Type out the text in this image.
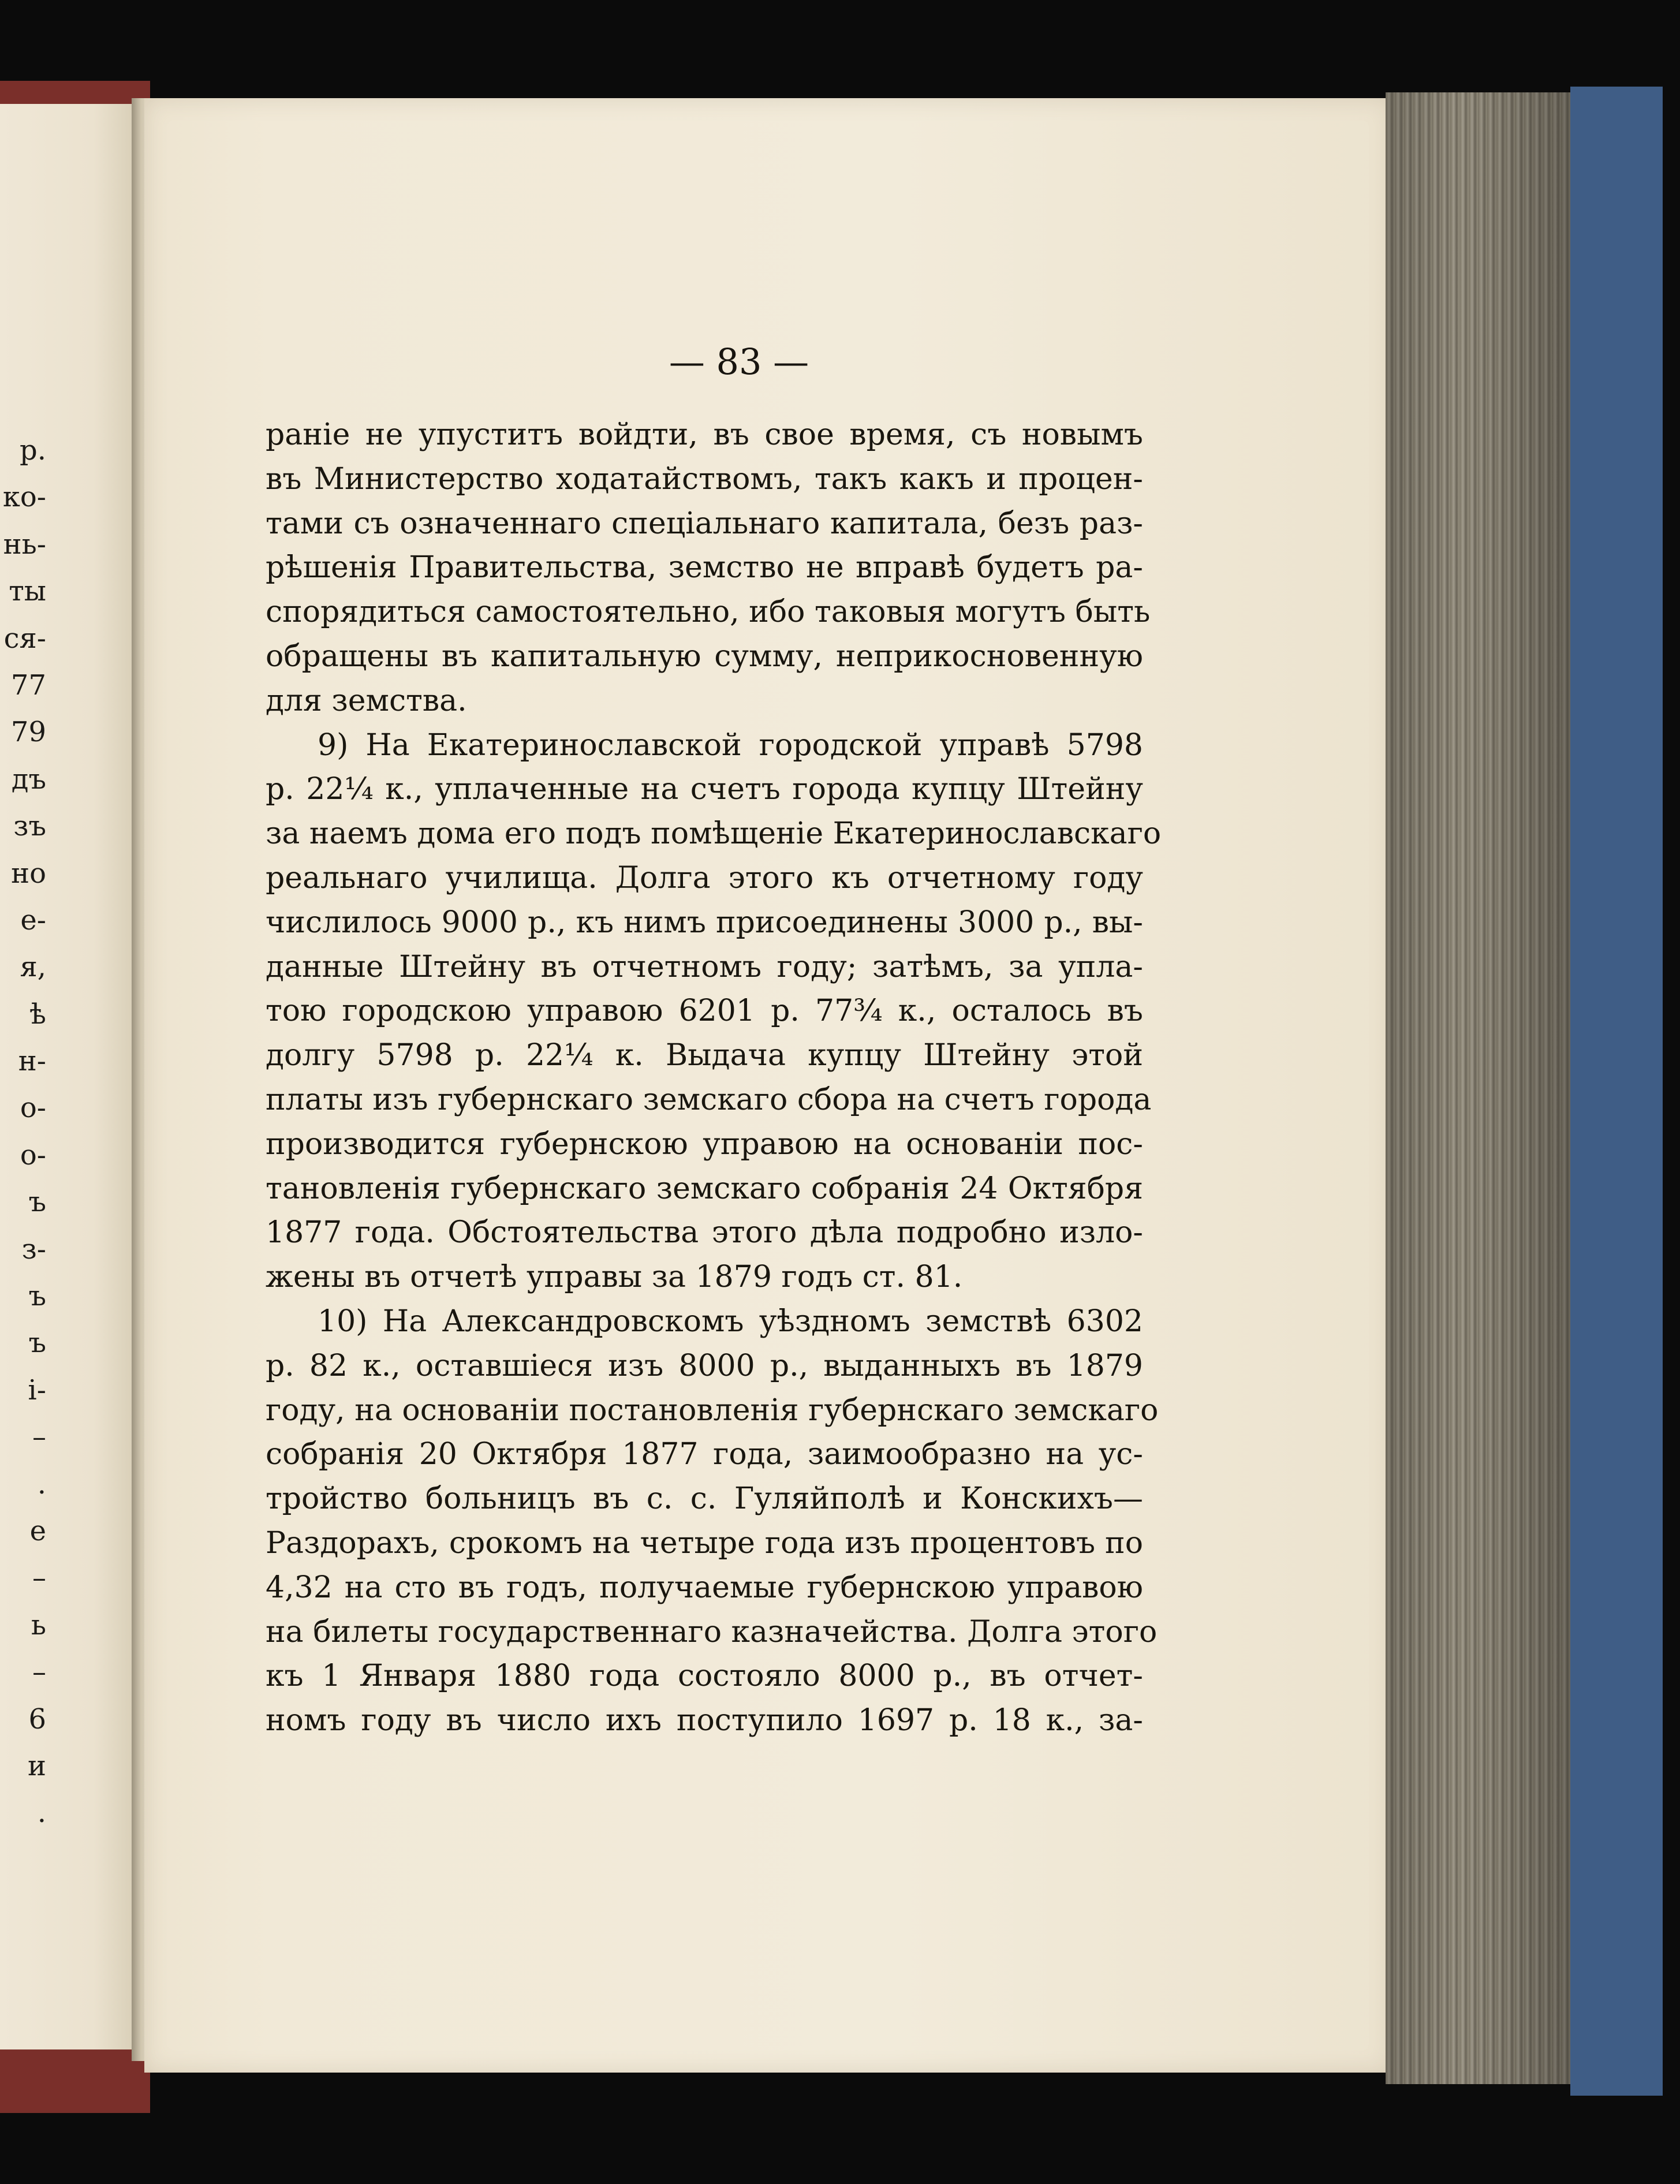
р.
ко-
нь-
ты
ся-
77
79
дъ
зъ
но
е-
я,
ѣ
н-
о-
о-
ъ
з-
ъ
ъ
і-
–
.
е
–
ь
–
6
и
.
— 83 —
раніе не упуститъ войдти, въ свое время, съ новымъ
въ Министерство ходатайствомъ, такъ какъ и процен-
тами съ означеннаго спеціальнаго капитала, безъ раз-
рѣшенія Правительства, земство не вправѣ будетъ ра-
спорядиться самостоятельно, ибо таковыя могутъ быть
обращены въ капитальную сумму, неприкосновенную
для земства.
9) На Екатеринославской городской управѣ 5798
р. 22¼ к., уплаченные на счетъ города купцу Штейну
за наемъ дома его подъ помѣщеніе Екатеринославскаго
реальнаго училища. Долга этого къ отчетному году
числилось 9000 р., къ нимъ присоединены 3000 р., вы-
данные Штейну въ отчетномъ году; затѣмъ, за упла-
тою городскою управою 6201 р. 77¾ к., осталось въ
долгу 5798 р. 22¼ к. Выдача купцу Штейну этой
платы изъ губернскаго земскаго сбора на счетъ города
производится губернскою управою на основаніи пос-
тановленія губернскаго земскаго собранія 24 Октября
1877 года. Обстоятельства этого дѣла подробно изло-
жены въ отчетѣ управы за 1879 годъ ст. 81.
10) На Александровскомъ уѣздномъ земствѣ 6302
р. 82 к., оставшіеся изъ 8000 р., выданныхъ въ 1879
году, на основаніи постановленія губернскаго земскаго
собранія 20 Октября 1877 года, заимообразно на ус-
тройство больницъ въ с. с. Гуляйполѣ и Конскихъ—
Раздорахъ, срокомъ на четыре года изъ процентовъ по
4,32 на сто въ годъ, получаемые губернскою управою
на билеты государственнаго казначейства. Долга этого
къ 1 Января 1880 года состояло 8000 р., въ отчет-
номъ году въ число ихъ поступило 1697 р. 18 к., за-
